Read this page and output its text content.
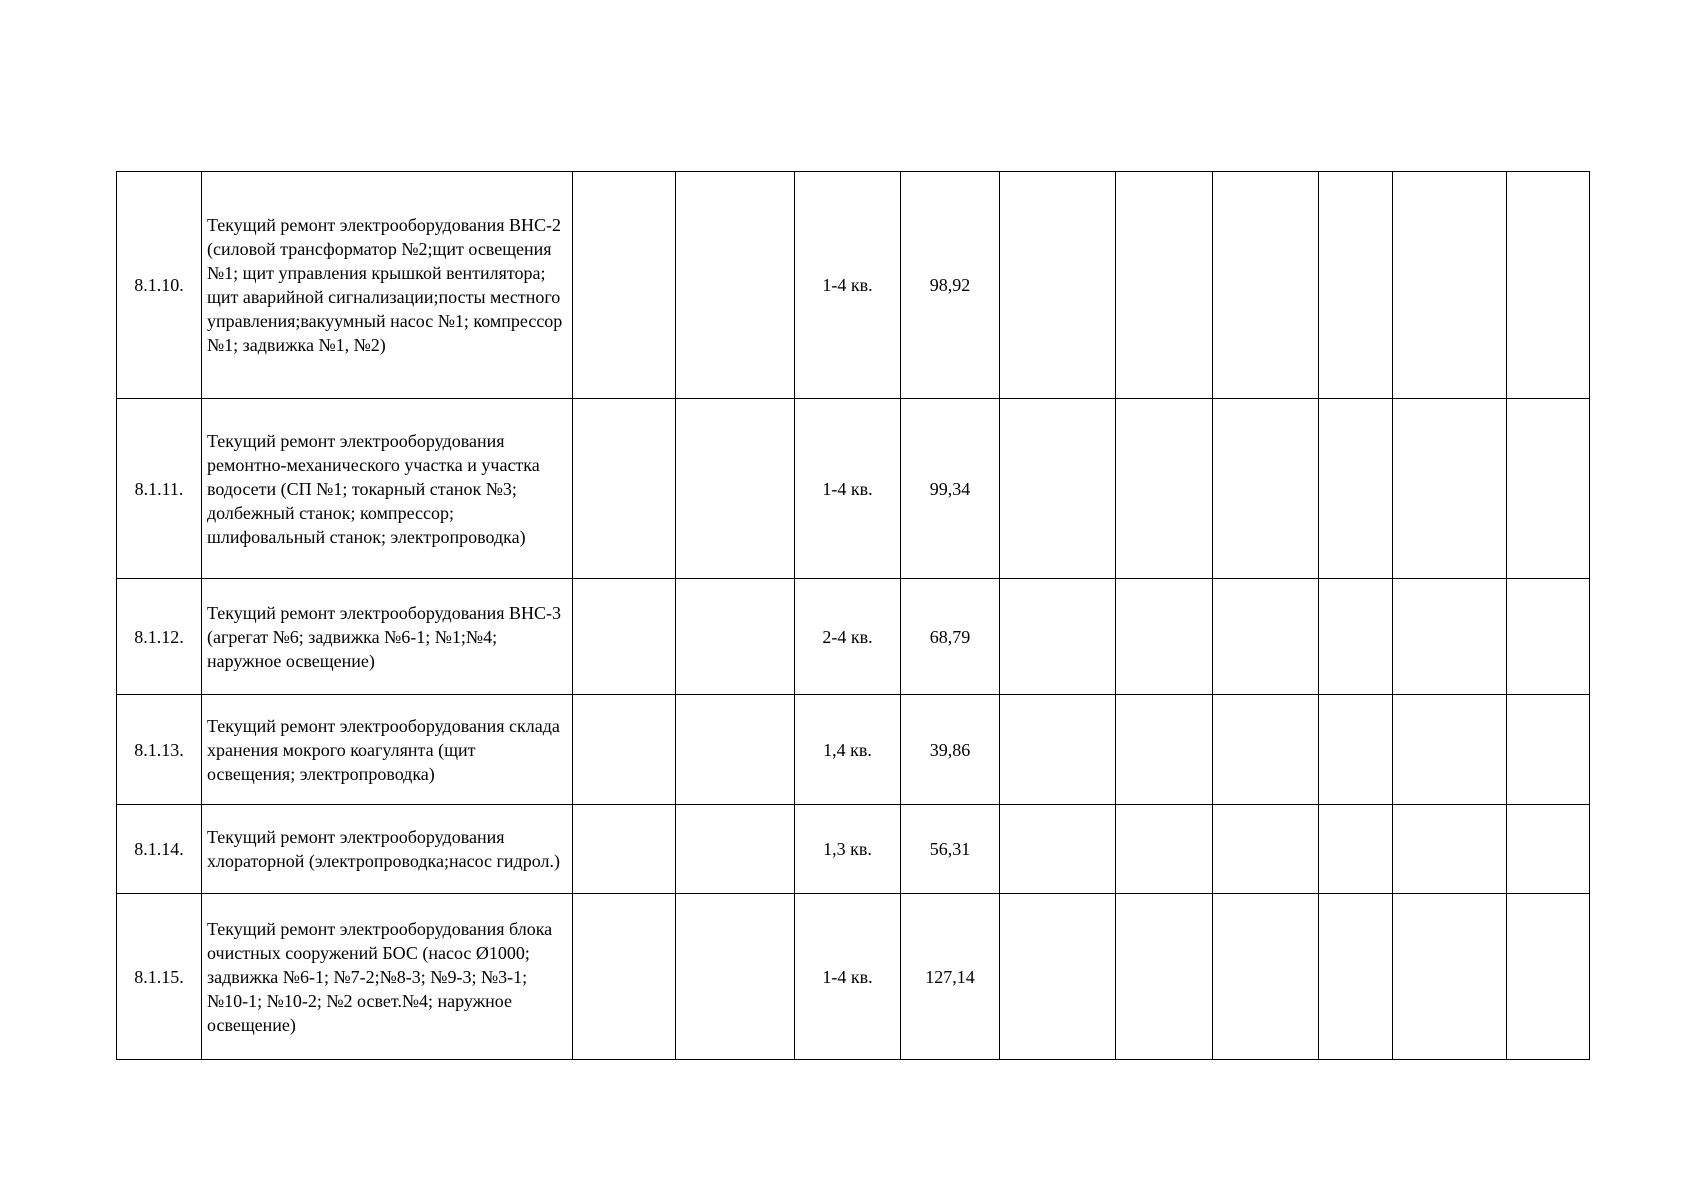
8.1.10.	Текущий ремонт электрооборудования ВНС-2 (силовой трансформатор №2;щит освещения №1; щит управления крышкой вентилятора; щит аварийной сигнализации;посты местного управления;вакуумный насос №1; компрессор №1; задвижка №1, №2)			1-4 кв.	98,92						
8.1.11.	Текущий ремонт электрооборудования ремонтно-механического участка и участка водосети (СП №1; токарный станок №3; долбежный станок; компрессор; шлифовальный станок; электропроводка)			1-4 кв.	99,34						
8.1.12.	Текущий ремонт электрооборудования ВНС-3 (агрегат №6; задвижка №6-1; №1;№4; наружное освещение)			2-4 кв.	68,79						
8.1.13.	Текущий ремонт электрооборудования склада хранения мокрого коагулянта (щит освещения; электропроводка)			1,4 кв.	39,86						
8.1.14.	Текущий ремонт электрооборудования хлораторной (электропроводка;насос гидрол.)			1,3 кв.	56,31						
8.1.15.	Текущий ремонт электрооборудования блока очистных сооружений БОС (насос Ø1000; задвижка №6-1; №7-2;№8-3; №9-3; №3-1; №10-1; №10-2; №2 освет.№4; наружное освещение)			1-4 кв.	127,14						
